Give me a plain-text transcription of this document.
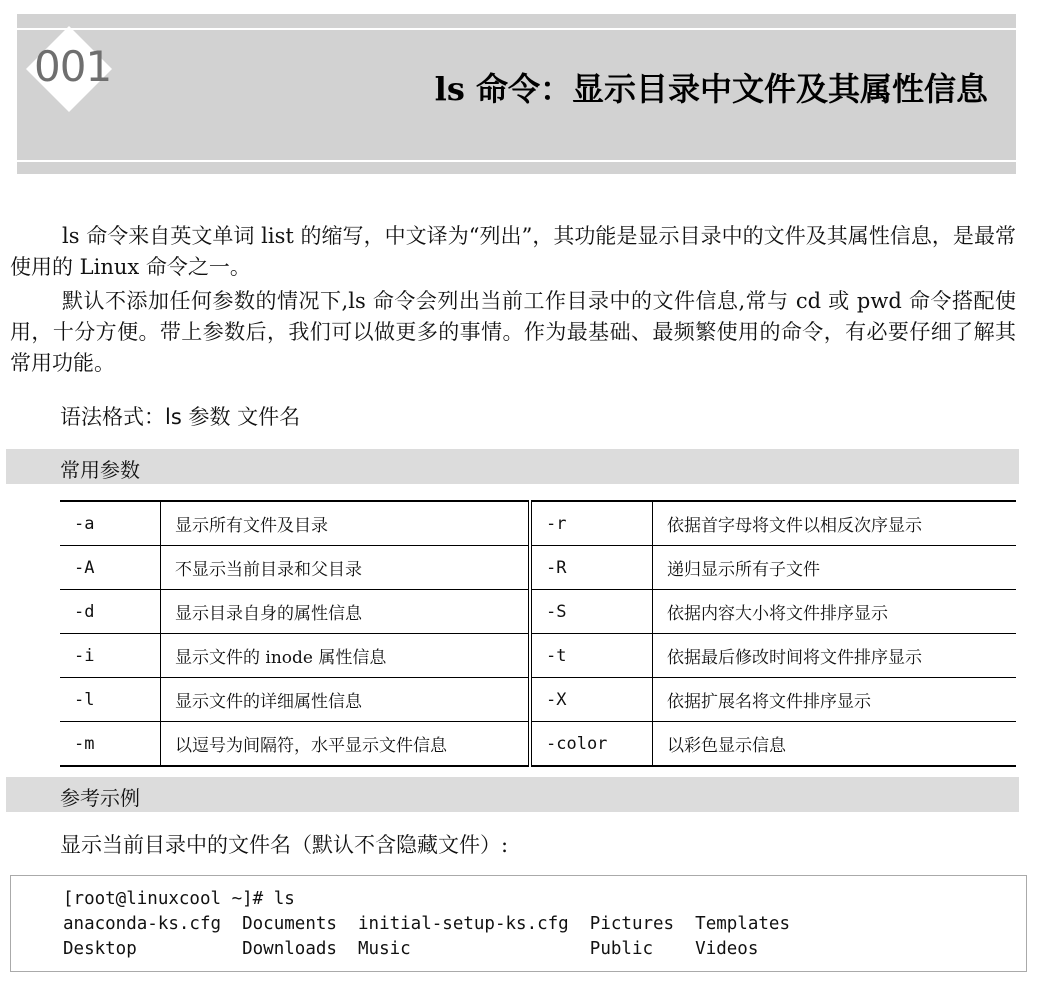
001	ls 命令：显示目录中文件及其属性信息

ls 命令来自英文单词 list 的缩写，中文译为“列出”，其功能是显示目录中的文件及其属性信息，是最常使用的 Linux 命令之一。

默认不添加任何参数的情况下,ls 命令会列出当前工作目录中的文件信息,常与 cd 或 pwd 命令搭配使用，十分方便。带上参数后，我们可以做更多的事情。作为最基础、最频繁使用的命令，有必要仔细了解其常用功能。

语法格式：ls 参数 文件名
常用参数
-a	显示所有文件及目录	-r	依据首字母将文件以相反次序显示
-A	不显示当前目录和父目录	-R	递归显示所有子文件
-d	显示目录自身的属性信息	-S	依据内容大小将文件排序显示
-i	显示文件的 inode 属性信息	-t	依据最后修改时间将文件排序显示
-l	显示文件的详细属性信息	-X	依据扩展名将文件排序显示
-m	以逗号为间隔符，水平显示文件信息	-color	以彩色显示信息
参考示例
显示当前目录中的文件名（默认不含隐藏文件）:
[root@linuxcool ~]# ls
anaconda-ks.cfg  Documents  initial-setup-ks.cfg  Pictures  Templates
Desktop          Downloads  Music                 Public    Videos
